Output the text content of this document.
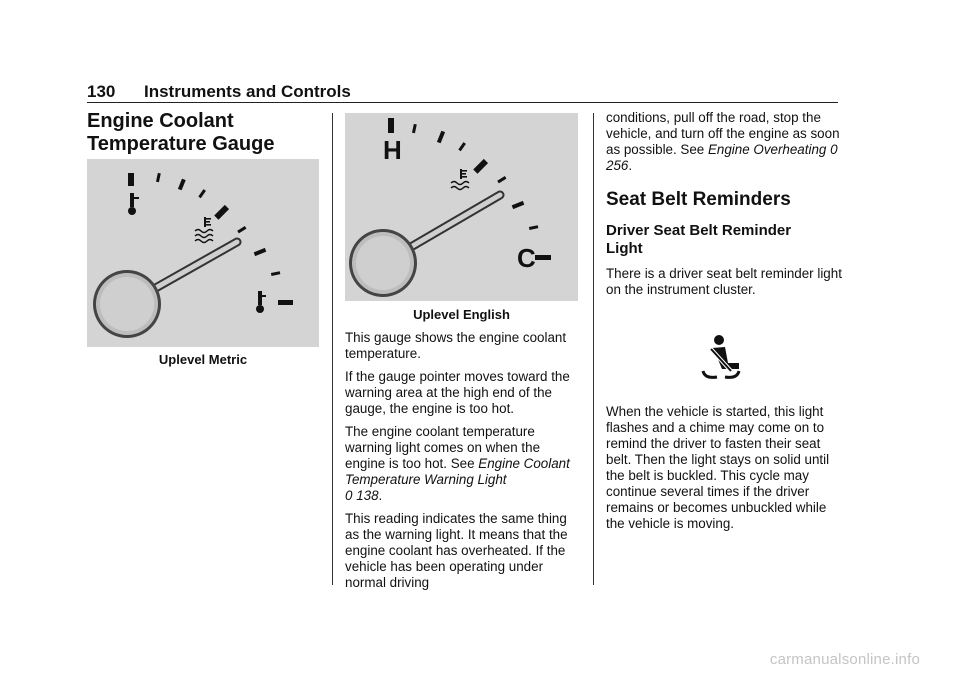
130 Instruments and Controls
Engine Coolant
Temperature Gauge
Uplevel Metric
H
C
Uplevel English

This gauge shows the engine coolant temperature.

If the gauge pointer moves toward the warning area at the high end of the gauge, the engine is too hot.

The engine coolant temperature warning light comes on when the engine is too hot. See Engine Coolant Temperature Warning Light
0 138.

This reading indicates the same thing as the warning light. It means that the engine coolant has overheated. If the vehicle has been operating under normal driving

conditions, pull off the road, stop the vehicle, and turn off the engine as soon as possible. See Engine Overheating 0 256.

Seat Belt Reminders
Driver Seat Belt Reminder Light

There is a driver seat belt reminder light on the instrument cluster.

When the vehicle is started, this light flashes and a chime may come on to remind the driver to fasten their seat belt. Then the light stays on solid until the belt is buckled. This cycle may continue several times if the driver remains or becomes unbuckled while the vehicle is moving.

carmanualsonline.info
